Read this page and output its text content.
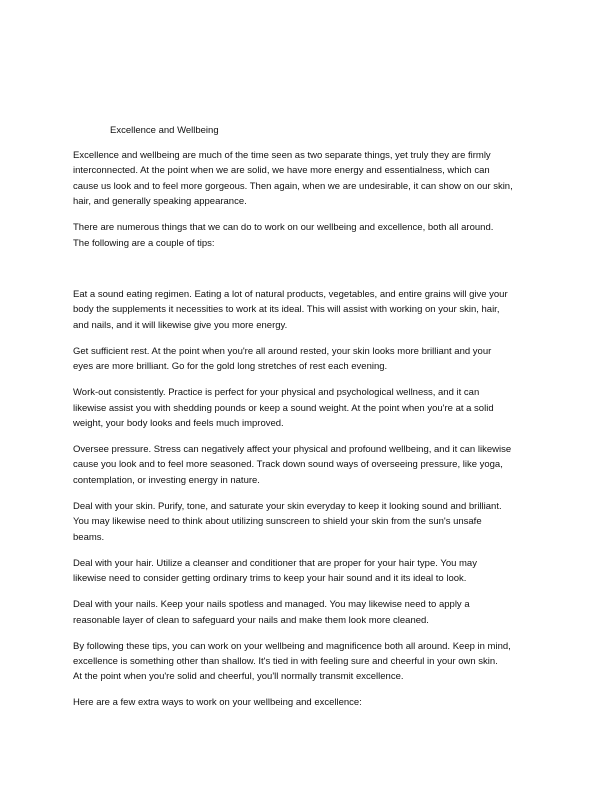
Excellence and Wellbeing

Excellence and wellbeing are much of the time seen as two separate things, yet truly they are firmly
interconnected. At the point when we are solid, we have more energy and essentialness, which can
cause us look and to feel more gorgeous. Then again, when we are undesirable, it can show on our skin,
hair, and generally speaking appearance.

There are numerous things that we can do to work on our wellbeing and excellence, both all around.
The following are a couple of tips:

Eat a sound eating regimen. Eating a lot of natural products, vegetables, and entire grains will give your
body the supplements it necessities to work at its ideal. This will assist with working on your skin, hair,
and nails, and it will likewise give you more energy.

Get sufficient rest. At the point when you're all around rested, your skin looks more brilliant and your
eyes are more brilliant. Go for the gold long stretches of rest each evening.

Work-out consistently. Practice is perfect for your physical and psychological wellness, and it can
likewise assist you with shedding pounds or keep a sound weight. At the point when you're at a solid
weight, your body looks and feels much improved.

Oversee pressure. Stress can negatively affect your physical and profound wellbeing, and it can likewise
cause you look and to feel more seasoned. Track down sound ways of overseeing pressure, like yoga,
contemplation, or investing energy in nature.

Deal with your skin. Purify, tone, and saturate your skin everyday to keep it looking sound and brilliant.
You may likewise need to think about utilizing sunscreen to shield your skin from the sun's unsafe
beams.

Deal with your hair. Utilize a cleanser and conditioner that are proper for your hair type. You may
likewise need to consider getting ordinary trims to keep your hair sound and it its ideal to look.

Deal with your nails. Keep your nails spotless and managed. You may likewise need to apply a
reasonable layer of clean to safeguard your nails and make them look more cleaned.

By following these tips, you can work on your wellbeing and magnificence both all around. Keep in mind,
excellence is something other than shallow. It's tied in with feeling sure and cheerful in your own skin.
At the point when you're solid and cheerful, you'll normally transmit excellence.

Here are a few extra ways to work on your wellbeing and excellence:
